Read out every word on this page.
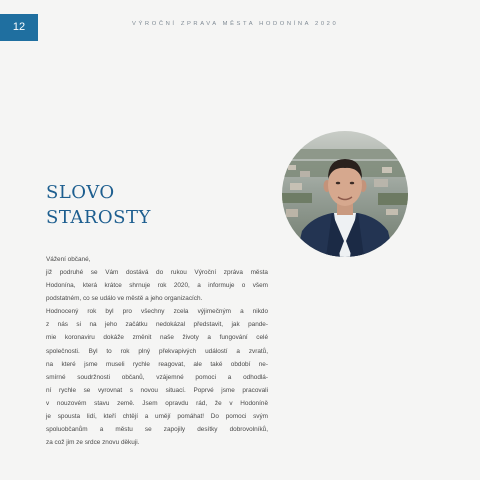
12	VÝROČNÍ ZPRAVA MĚSTA HODONÍNA 2020
SLOVO
STAROSTY
Vážení občané,
již podruhé se Vám dostává do rukou Výroční zpráva města
Hodonína, která krátce shrnuje rok 2020, a informuje o všem
podstatném, co se událo ve městě a jeho organizacích.
Hodnocený rok byl pro všechny zcela výjimečným a nikdo
z nás si na jeho začátku nedokázal představit, jak pande-
mie koronaviru dokáže změnit naše životy a fungování celé
společnosti. Byl to rok plný překvapivých událostí a zvratů,
na které jsme museli rychle reagovat, ale také období ne-
smírné soudržnosti občanů, vzájemné pomoci a odhodlá-
ní rychle se vyrovnat s novou situací. Poprvé jsme pracovali
v nouzovém stavu země. Jsem opravdu rád, že v Hodoníně
je spousta lidí, kteří chtějí a umějí pomáhat! Do pomoci svým
spoluobčanům a městu se zapojily desítky dobrovolníků,
za což jim ze srdce znovu děkuji.
